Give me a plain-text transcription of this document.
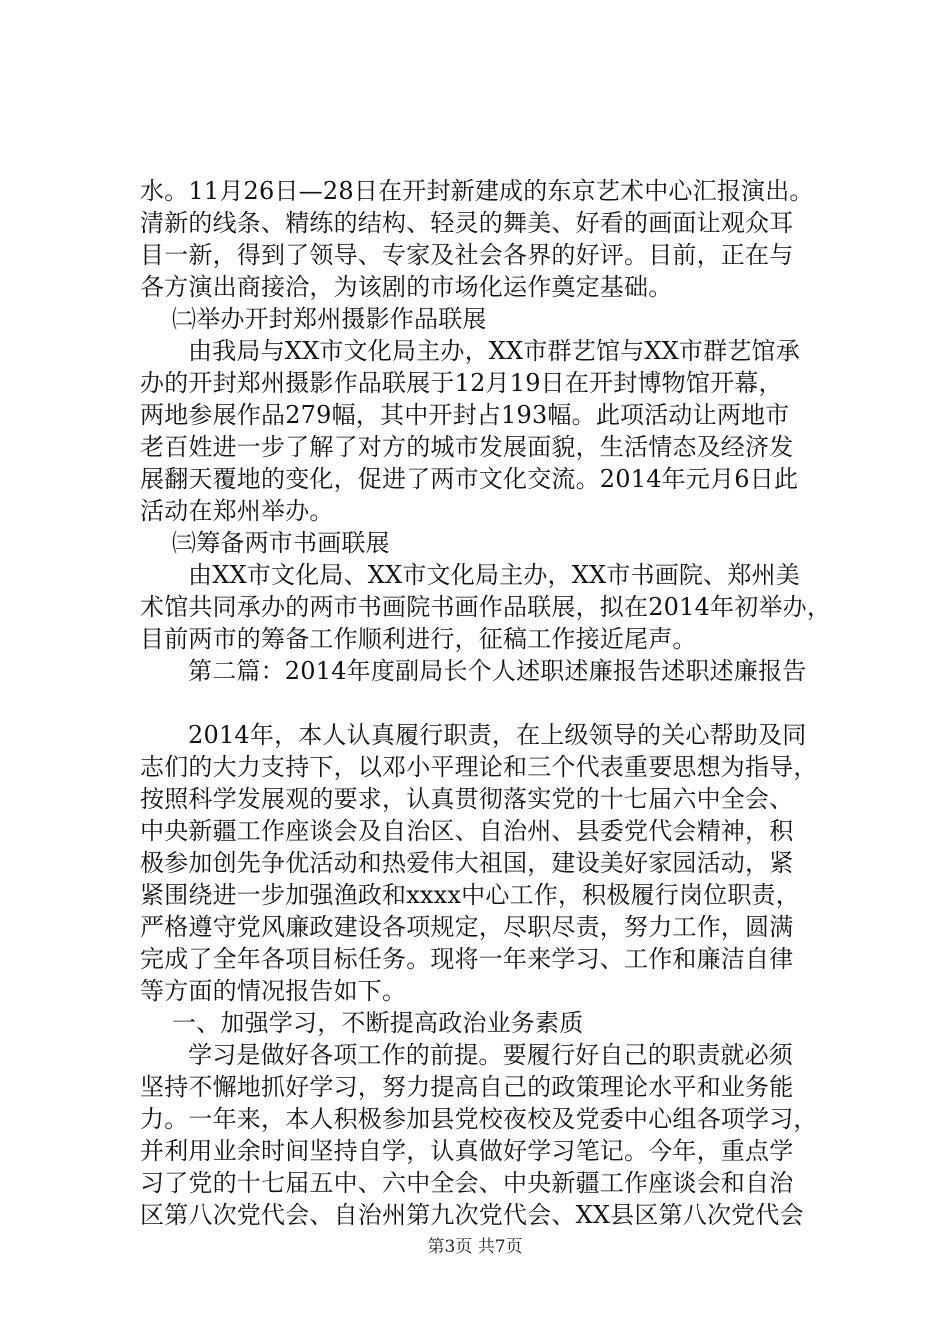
水。11月26日—28日在开封新建成的东京艺术中心汇报演出。
清新的线条、精练的结构、轻灵的舞美、好看的画面让观众耳
目一新，得到了领导、专家及社会各界的好评。目前，正在与
各方演出商接洽，为该剧的市场化运作奠定基础。
㈡举办开封郑州摄影作品联展
由我局与XX市文化局主办，XX市群艺馆与XX市群艺馆承
办的开封郑州摄影作品联展于12月19日在开封博物馆开幕，
两地参展作品279幅，其中开封占193幅。此项活动让两地市
老百姓进一步了解了对方的城市发展面貌，生活情态及经济发
展翻天覆地的变化，促进了两市文化交流。2014年元月6日此
活动在郑州举办。
㈢筹备两市书画联展
由XX市文化局、XX市文化局主办，XX市书画院、郑州美
术馆共同承办的两市书画院书画作品联展，拟在2014年初举办，
目前两市的筹备工作顺利进行，征稿工作接近尾声。
第二篇：2014年度副局长个人述职述廉报告述职述廉报告
2014年，本人认真履行职责，在上级领导的关心帮助及同
志们的大力支持下，以邓小平理论和三个代表重要思想为指导，
按照科学发展观的要求，认真贯彻落实党的十七届六中全会、
中央新疆工作座谈会及自治区、自治州、县委党代会精神，积
极参加创先争优活动和热爱伟大祖国，建设美好家园活动，紧
紧围绕进一步加强渔政和xxxx中心工作，积极履行岗位职责，
严格遵守党风廉政建设各项规定，尽职尽责，努力工作，圆满
完成了全年各项目标任务。现将一年来学习、工作和廉洁自律
等方面的情况报告如下。
一、加强学习，不断提高政治业务素质
学习是做好各项工作的前提。要履行好自己的职责就必须
坚持不懈地抓好学习，努力提高自己的政策理论水平和业务能
力。一年来，本人积极参加县党校夜校及党委中心组各项学习，
并利用业余时间坚持自学，认真做好学习笔记。今年，重点学
习了党的十七届五中、六中全会、中央新疆工作座谈会和自治
区第八次党代会、自治州第九次党代会、XX县区第八次党代会
第3页 共7页
